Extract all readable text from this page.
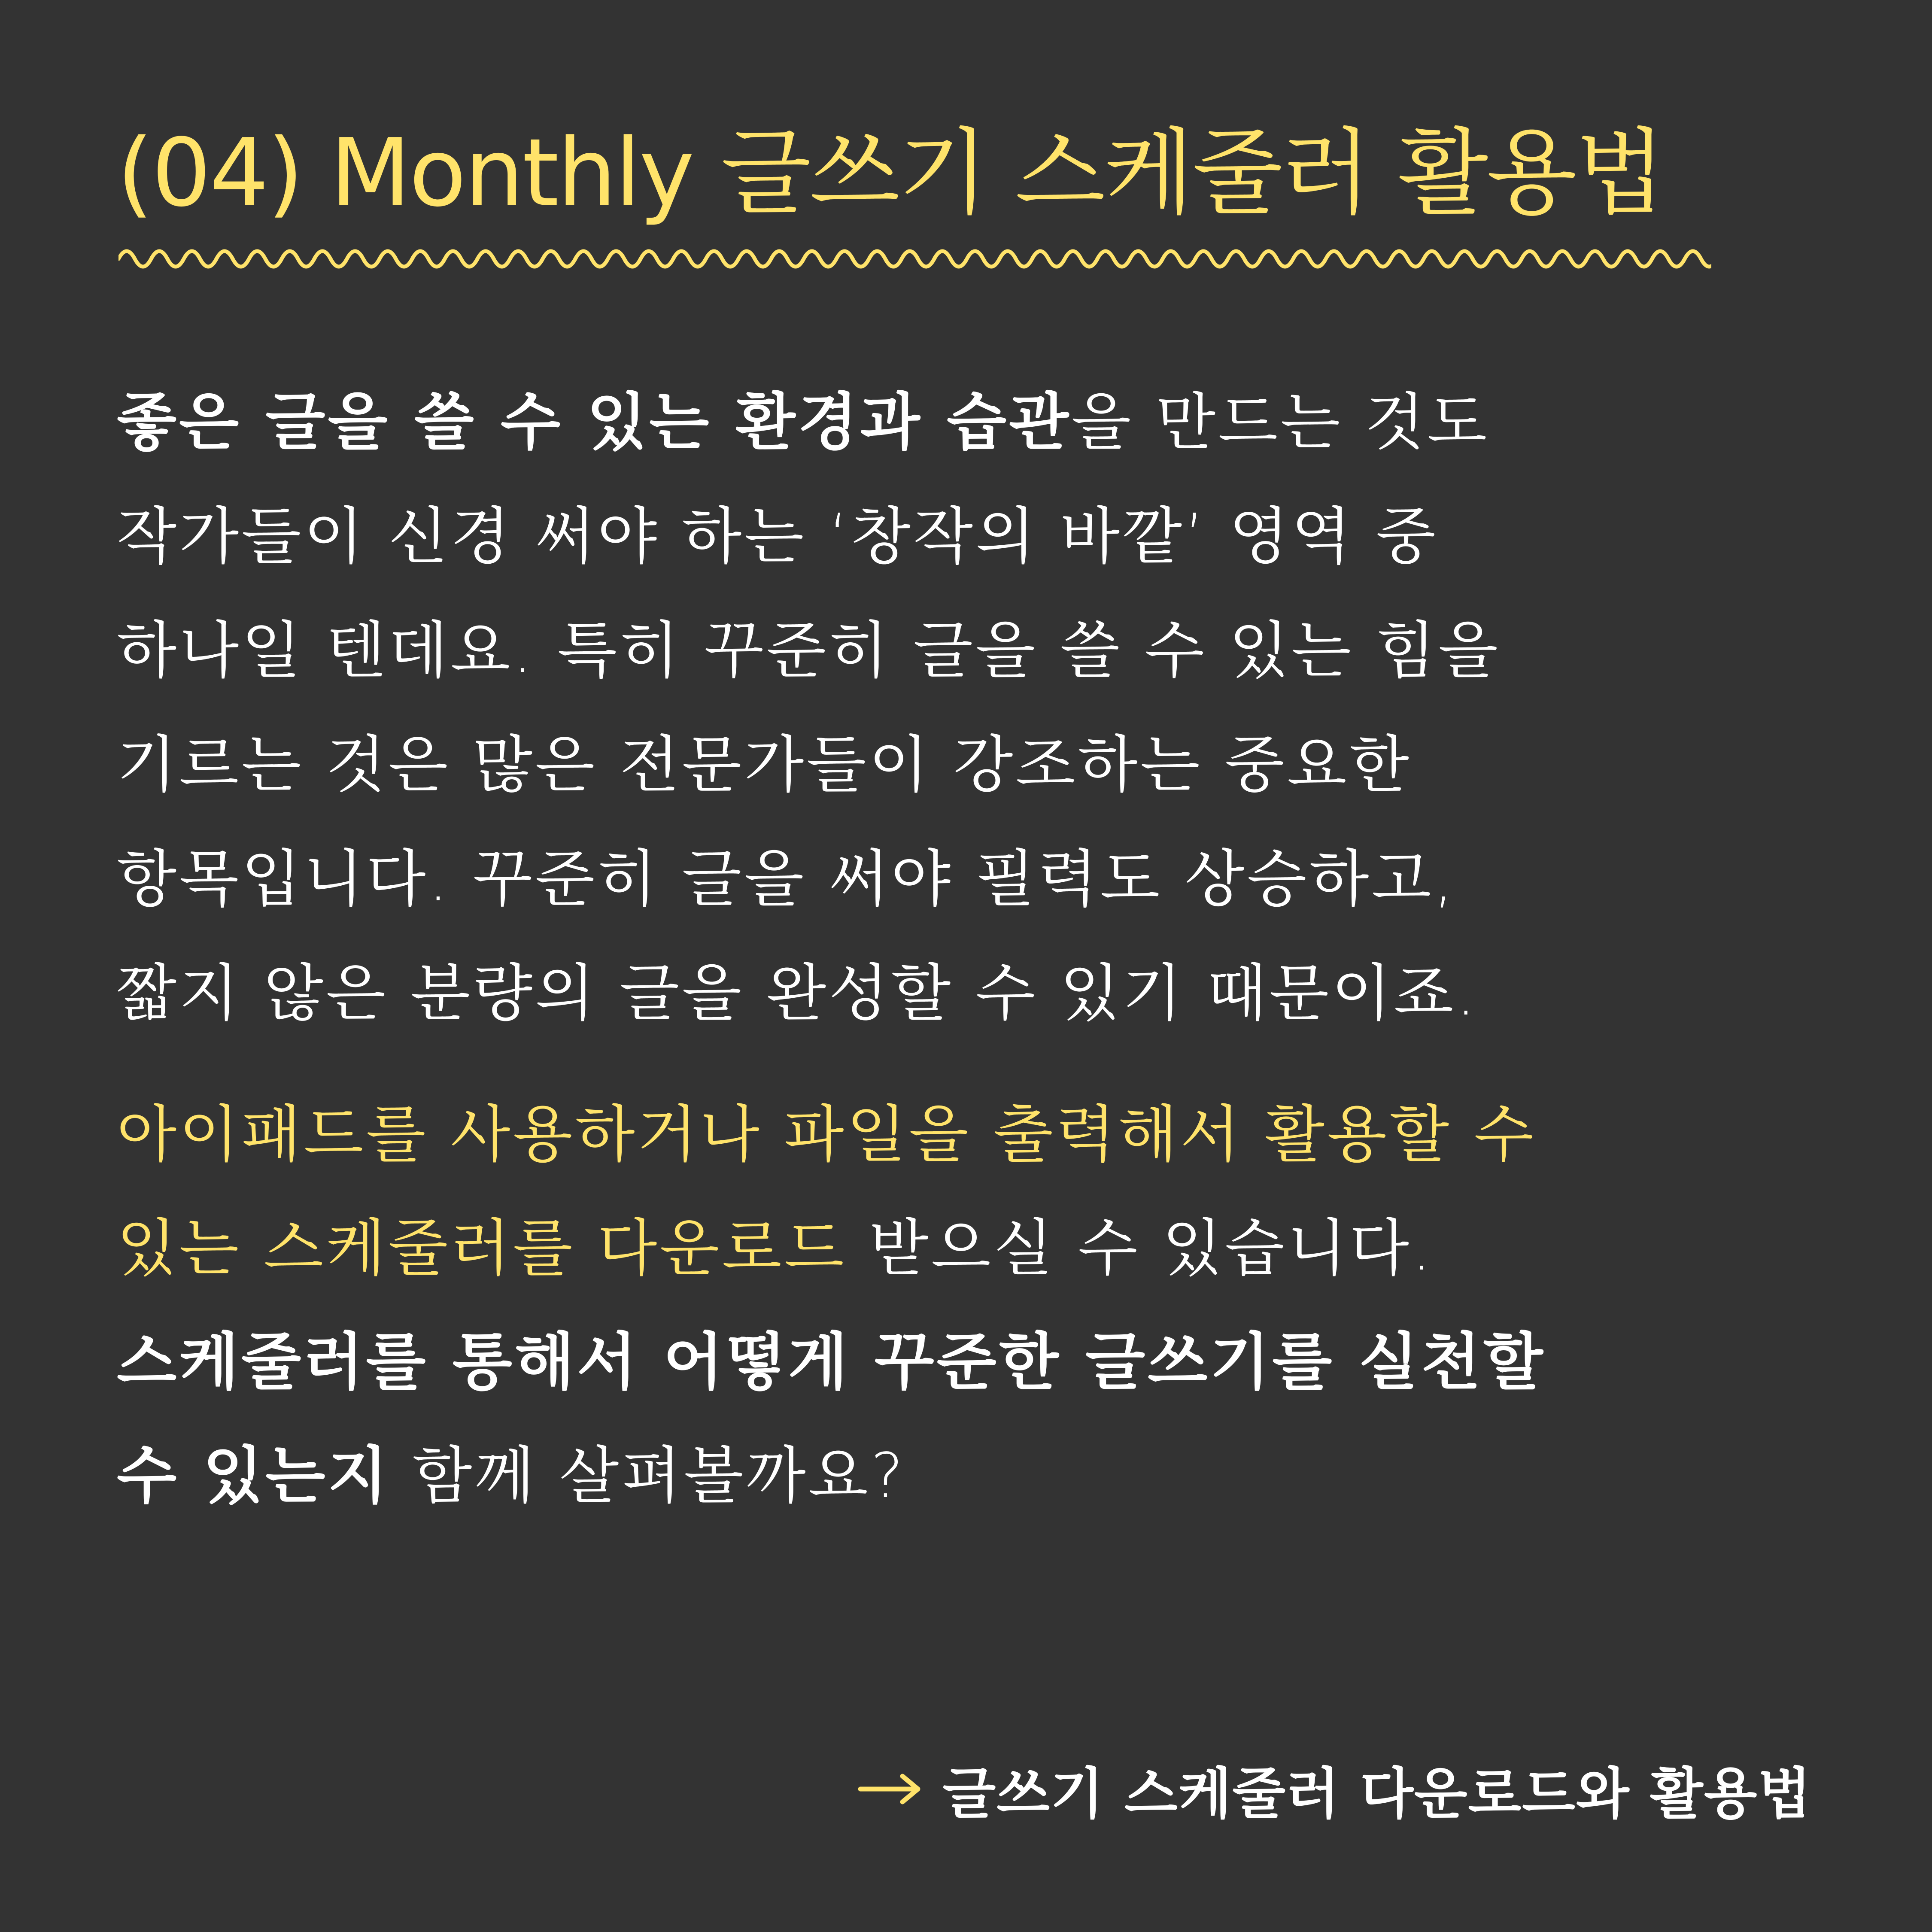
(04) Monthly 글쓰기 스케줄러 활용법

좋은 글을 쓸 수 있는 환경과 습관을 만드는 것도
작가들이 신경 써야 하는 ‘창작의 바깥’ 영역 중
하나일 텐데요. 특히 꾸준히 글을 쓸 수 있는 힘을
기르는 것은 많은 전문가들이 강조하는 중요한
항목입니다. 꾸준히 글을 써야 필력도 상승하고,
짧지 않은 분량의 글을 완성할 수 있기 때문이죠.

아이패드를 사용하거나 파일을 출력해서 활용할 수
있는 스케줄러를 다운로드 받으실 수 있습니다.
스케줄러를 통해서 어떻게 꾸준한 글쓰기를 실천할
수 있는지 함께 살펴볼까요?

글쓰기 스케줄러 다운로드와 활용법
